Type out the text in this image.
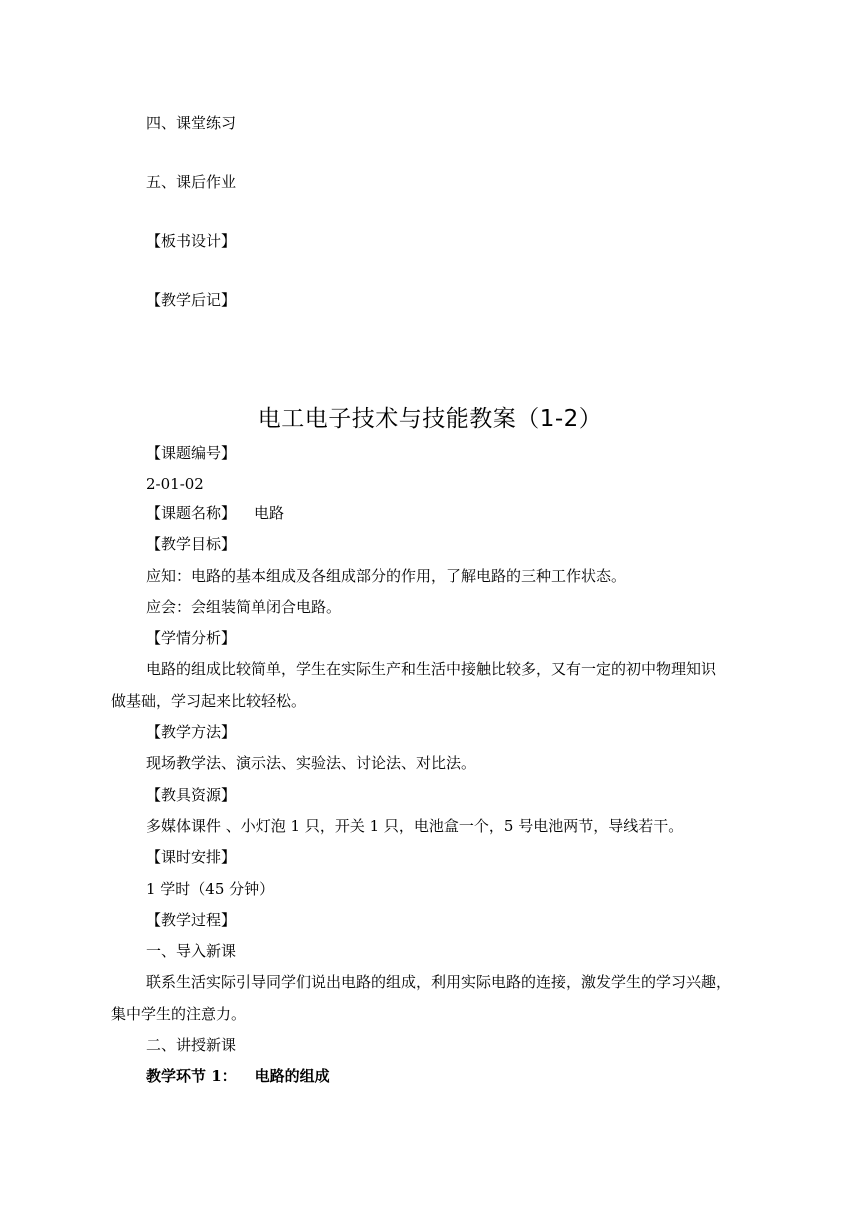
四、课堂练习
五、课后作业
【板书设计】
【教学后记】
电工电子技术与技能教案（1-2）
【课题编号】
2-01-02
【课题名称】 电路
【教学目标】
应知：电路的基本组成及各组成部分的作用，了解电路的三种工作状态。
应会：会组装简单闭合电路。
【学情分析】
电路的组成比较简单，学生在实际生产和生活中接触比较多，又有一定的初中物理知识
做基础，学习起来比较轻松。
【教学方法】
现场教学法、演示法、实验法、讨论法、对比法。
【教具资源】
多媒体课件 、小灯泡 1 只，开关 1 只，电池盒一个，5 号电池两节，导线若干。
【课时安排】
1 学时（45 分钟）
【教学过程】
一、导入新课
联系生活实际引导同学们说出电路的组成，利用实际电路的连接，激发学生的学习兴趣，
集中学生的注意力。
二、讲授新课
教学环节 1： 电路的组成
